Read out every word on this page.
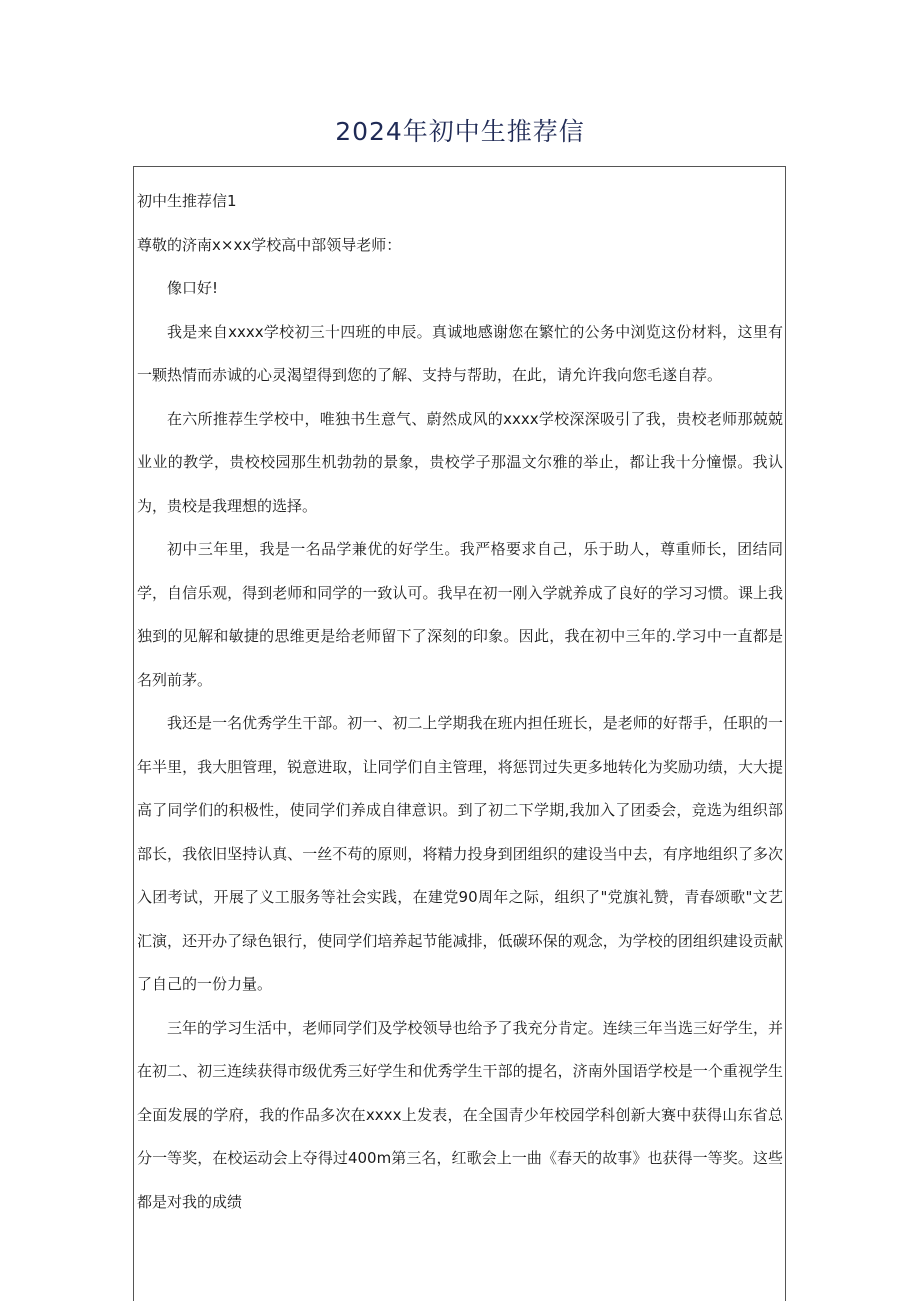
2024年初中生推荐信

初中生推荐信1

尊敬的济南x×xx学校高中部领导老师：

像口好!

我是来自xxxx学校初三十四班的申辰。真诚地感谢您在繁忙的公务中浏览这份材料，这里有一颗热情而赤诚的心灵渴望得到您的了解、支持与帮助，在此，请允许我向您毛遂自荐。

在六所推荐生学校中，唯独书生意气、蔚然成风的xxxx学校深深吸引了我，贵校老师那兢兢业业的教学，贵校校园那生机勃勃的景象，贵校学子那温文尔雅的举止，都让我十分憧憬。我认为，贵校是我理想的选择。

初中三年里，我是一名品学兼优的好学生。我严格要求自己，乐于助人，尊重师长，团结同学，自信乐观，得到老师和同学的一致认可。我早在初一刚入学就养成了良好的学习习惯。课上我独到的见解和敏捷的思维更是给老师留下了深刻的印象。因此，我在初中三年的.学习中一直都是名列前茅。

我还是一名优秀学生干部。初一、初二上学期我在班内担任班长，是老师的好帮手，任职的一年半里，我大胆管理，锐意进取，让同学们自主管理，将惩罚过失更多地转化为奖励功绩，大大提高了同学们的积极性，使同学们养成自律意识。到了初二下学期,我加入了团委会，竞选为组织部部长，我依旧坚持认真、一丝不苟的原则，将精力投身到团组织的建设当中去，有序地组织了多次入团考试，开展了义工服务等社会实践，在建党90周年之际，组织了"党旗礼赞，青春颂歌"文艺汇演，还开办了绿色银行，使同学们培养起节能减排，低碳环保的观念，为学校的团组织建设贡献了自己的一份力量。

三年的学习生活中，老师同学们及学校领导也给予了我充分肯定。连续三年当选三好学生，并在初二、初三连续获得市级优秀三好学生和优秀学生干部的提名，济南外国语学校是一个重视学生全面发展的学府，我的作品多次在xxxx上发表，在全国青少年校园学科创新大赛中获得山东省总分一等奖，在校运动会上夺得过400m第三名，红歌会上一曲《春天的故事》也获得一等奖。这些都是对我的成绩
